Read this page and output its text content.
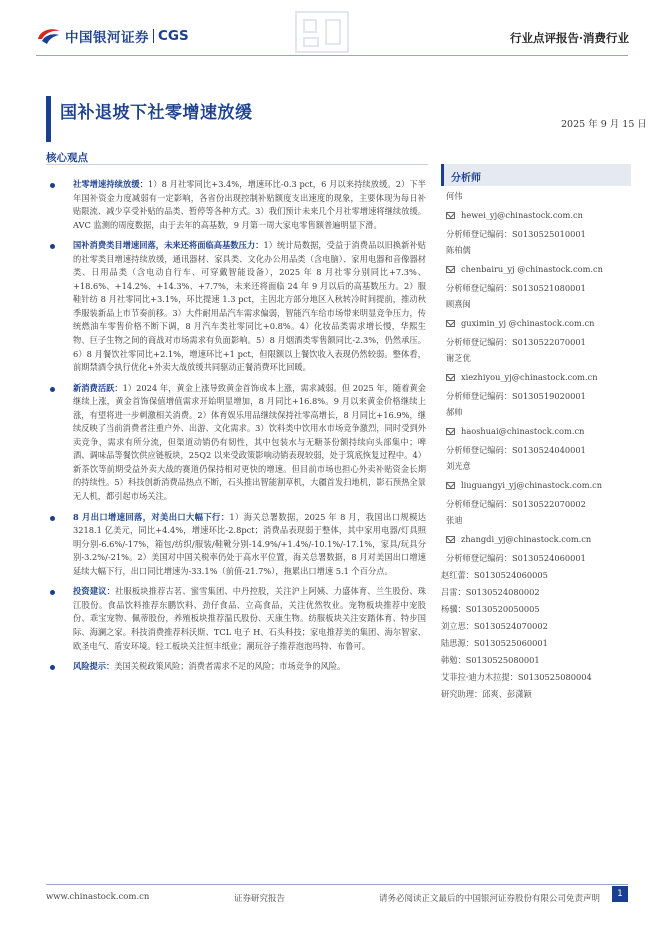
中国银河证券 CGS	行业点评报告·消费行业
国补退坡下社零增速放缓
2025 年 9 月 15 日
核心观点
社零增速持续放缓：1）8 月社零同比+3.4%，增速环比-0.3 pct，6 月以来持续放缓。2）下半年国补资金力度减弱有一定影响，各省份出现控制补贴额度支出速度的现象，主要体现为每日补贴限流、减少享受补贴的品类、暂停等各种方式。3）我们预计未来几个月社零增速将继续放缓。AVC 监测的周度数据，由于去年的高基数，9 月第一周大家电零售额普遍明显下滑。
国补消费类目增速回落，未来还将面临高基数压力：1）统计局数据，受益于消费品以旧换新补贴的社零类目增速持续放缓，通讯器材、家具类、文化办公用品类（含电脑）、家用电器和音像器材类、日用品类（含电动自行车、可穿戴智能设备），2025 年 8 月社零分别同比+7.3%、+18.6%、+14.2%、+14.3%、+7.7%，未来还将面临 24 年 9 月以后的高基数压力。2）服鞋针纺 8 月社零同比+3.1%，环比提速 1.3 pct，主因北方部分地区入秋转冷时间提前，推动秋季服装新品上市节奏前移。3）大件耐用品汽车需求偏弱，智能汽车给市场带来明显竞争压力，传统燃油车零售价格不断下调，8 月汽车类社零同比+0.8%。4）化妆品类需求增长慢，华熙生物、巨子生物之间的商战对市场需求有负面影响。5）8 月烟酒类零售额同比-2.3%，仍然承压。6）8 月餐饮社零同比+2.1%，增速环比+1 pct，但限额以上餐饮收入表现仍然较弱。整体看，前期禁酒令执行优化+外卖大战放缓共同驱动正餐消费环比回暖。
新消费活跃：1）2024 年，黄金上涨导致黄金首饰成本上涨，需求减弱。但 2025 年，随着黄金继续上涨，黄金首饰保值增值需求开始明显增加，8 月同比+16.8%。9 月以来黄金价格继续上涨，有望将进一步刺激相关消费。2）体育娱乐用品继续保持社零高增长，8 月同比+16.9%，继续反映了当前消费者注重户外、出游、文化需求。3）饮料类中饮用水市场竞争激烈，同时受到外卖竞争，需求有所分流，但渠道动销仍有韧性，其中包装水与无糖茶份额持续向头部集中；啤酒、调味品等餐饮供应链板块，25Q2 以来受政策影响动销表现较弱，处于筑底恢复过程中。4）新茶饮等前期受益外卖大战的赛道仍保持相对更快的增速。但目前市场也担心外卖补贴资金长期的持续性。5）科技创新消费品热点不断，石头推出智能割草机，大疆首发扫地机，影石预热全景无人机，都引起市场关注。
8 月出口增速回落，对美出口大幅下行：1）海关总署数据，2025 年 8 月，我国出口规模达 3218.1 亿美元，同比+4.4%，增速环比-2.8pct；消费品表现弱于整体，其中家用电器/灯具照明分别-6.6%/-17%，箱包/纺织/服装/鞋靴分别-14.9%/+1.4%/-10.1%/-17.1%，家具/玩具分别-3.2%/-21%。2）美国对中国关税率仍处于高水平位置，海关总署数据，8 月对美国出口增速延续大幅下行，出口同比增速为-33.1%（前值-21.7%），拖累出口增速 5.1 个百分点。
投资建议：社服板块推荐古茗、蜜雪集团、中丹控股，关注沪上阿姨、力盛体育、兰生股份、珠江股份。食品饮料推荐东鹏饮料、劲仔食品、立高食品，关注优然牧业。宠物板块推荐中宠股份、乖宝宠物、佩蒂股份，养殖板块推荐温氏股份、天康生物。纺服板块关注安踏体育、特步国际、海澜之家。科技消费推荐科沃斯、TCL 电子 H、石头科技；家电推荐美的集团、海尔智家、欧圣电气、盾安环境。轻工板块关注恒丰纸业；潮玩谷子推荐泡泡玛特、布鲁可。
风险提示：美国关税政策风险；消费者需求不足的风险；市场竞争的风险。
分析师
何伟
hewei_yj@chinastock.com.cn
分析师登记编码：S0130525010001
陈柏儒
chenbairu_yj @chinastock.com.cn
分析师登记编码：S0130521080001
顾熹闽
guximin_yj @chinastock.com.cn
分析师登记编码：S0130522070001
谢芝优
xiezhiyou_yj@chinastock.com.cn
分析师登记编码：S0130519020001
郝帅
haoshuai@chinastock.com.cn
分析师登记编码：S0130524040001
刘光意
liuguangyi_yj@chinastock.com.cn
分析师登记编码：S0130522070002
张迪
zhangdi_yj@chinastock.com.cn
分析师登记编码：S0130524060001
赵红蕾：S0130524060005
吕雷：S0130524080002
杨骥：S0130520050005
刘立思：S0130524070002
陆思源：S0130525060001
韩勉：S0130525080001
艾菲拉·迪力木拉提：S0130525080004
研究助理：邱爽、彭潇颖
www.chinastock.com.cn	证券研究报告	请务必阅读正文最后的中国银河证券股份有限公司免责声明	1
